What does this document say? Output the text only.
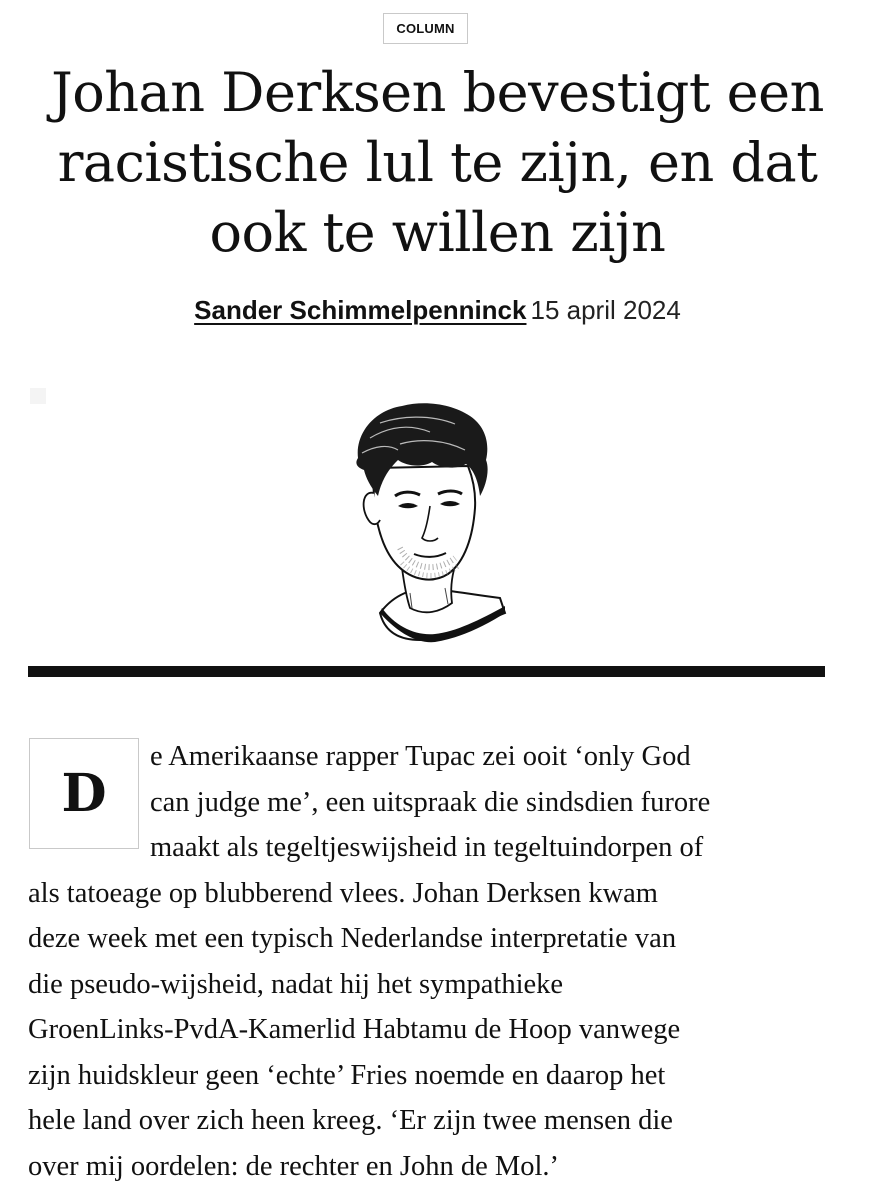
COLUMN
Johan Derksen bevestigt een
racistische lul te zijn, en dat
ook te willen zijn
Sander Schimmelpenninck 15 april 2024
D
e Amerikaanse rapper Tupac zei ooit ‘only God
can judge me’, een uitspraak die sindsdien furore
maakt als tegeltjeswijsheid in tegeltuindorpen of
als tatoeage op blubberend vlees. Johan Derksen kwam
deze week met een typisch Nederlandse interpretatie van
die pseudo-wijsheid, nadat hij het sympathieke
GroenLinks-PvdA-Kamerlid Habtamu de Hoop vanwege
zijn huidskleur geen ‘echte’ Fries noemde en daarop het
hele land over zich heen kreeg. ‘Er zijn twee mensen die
over mij oordelen: de rechter en John de Mol.’
